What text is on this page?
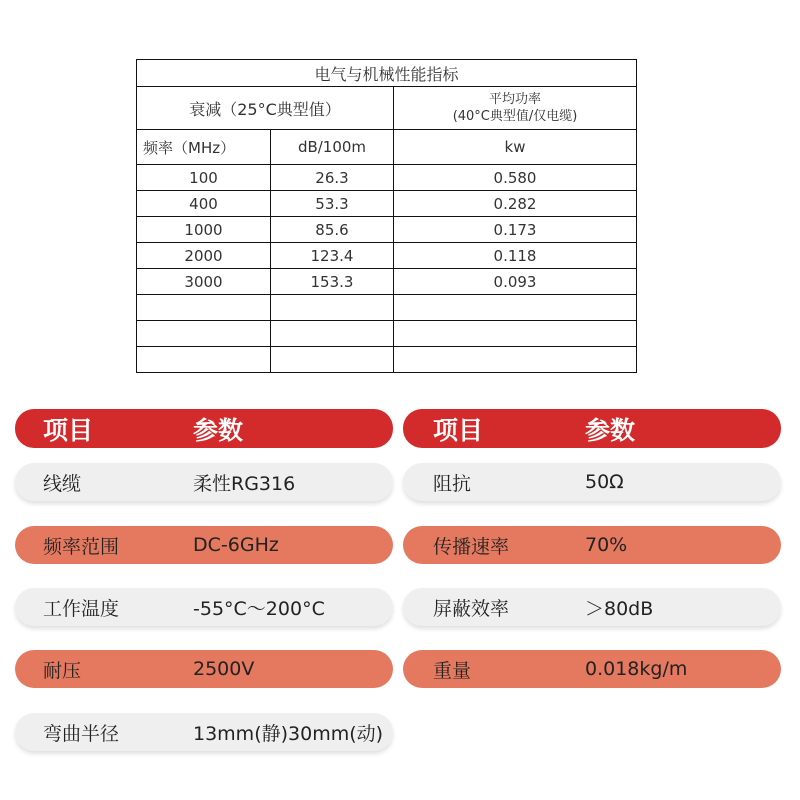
电气与机械性能指标		
衰减（25°C典型值）		平均功率
(40°C典型值/仅电缆)

频率（MHz）	dB/100m	kw
100	26.3	0.580
400	53.3	0.282
1000	85.6	0.173
2000	123.4	0.118
3000	153.3	0.093

项目	参数
线缆	柔性RG316
频率范围	DC-6GHz
工作温度	-55°C～200°C
耐压	2500V
弯曲半径	13mm(静)30mm(动)
项目	参数
阻抗	50Ω
传播速率	70%
屏蔽效率	＞80dB
重量	0.018kg/m
